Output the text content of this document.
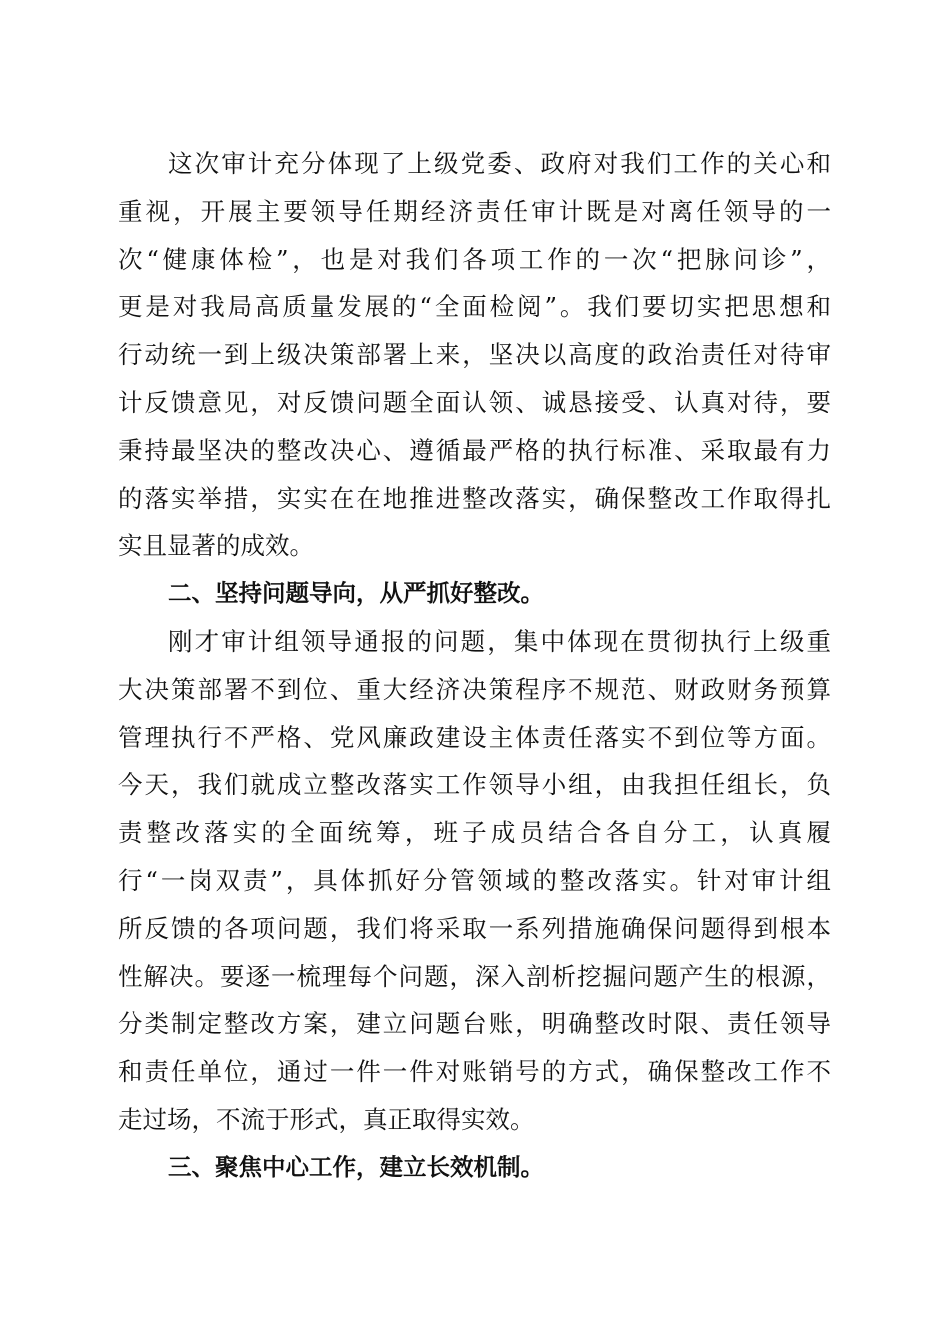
这次审计充分体现了上级党委、政府对我们工作的关心和
重视，开展主要领导任期经济责任审计既是对离任领导的一
次“健康体检”，也是对我们各项工作的一次“把脉问诊”，
更是对我局高质量发展的“全面检阅”。我们要切实把思想和
行动统一到上级决策部署上来，坚决以高度的政治责任对待审
计反馈意见，对反馈问题全面认领、诚恳接受、认真对待，要
秉持最坚决的整改决心、遵循最严格的执行标准、采取最有力
的落实举措，实实在在地推进整改落实，确保整改工作取得扎
实且显著的成效。
二、坚持问题导向，从严抓好整改。
刚才审计组领导通报的问题，集中体现在贯彻执行上级重
大决策部署不到位、重大经济决策程序不规范、财政财务预算
管理执行不严格、党风廉政建设主体责任落实不到位等方面。
今天，我们就成立整改落实工作领导小组，由我担任组长，负
责整改落实的全面统筹，班子成员结合各自分工，认真履
行“一岗双责”，具体抓好分管领域的整改落实。针对审计组
所反馈的各项问题，我们将采取一系列措施确保问题得到根本
性解决。要逐一梳理每个问题，深入剖析挖掘问题产生的根源，
分类制定整改方案，建立问题台账，明确整改时限、责任领导
和责任单位，通过一件一件对账销号的方式，确保整改工作不
走过场，不流于形式，真正取得实效。
三、聚焦中心工作，建立长效机制。
